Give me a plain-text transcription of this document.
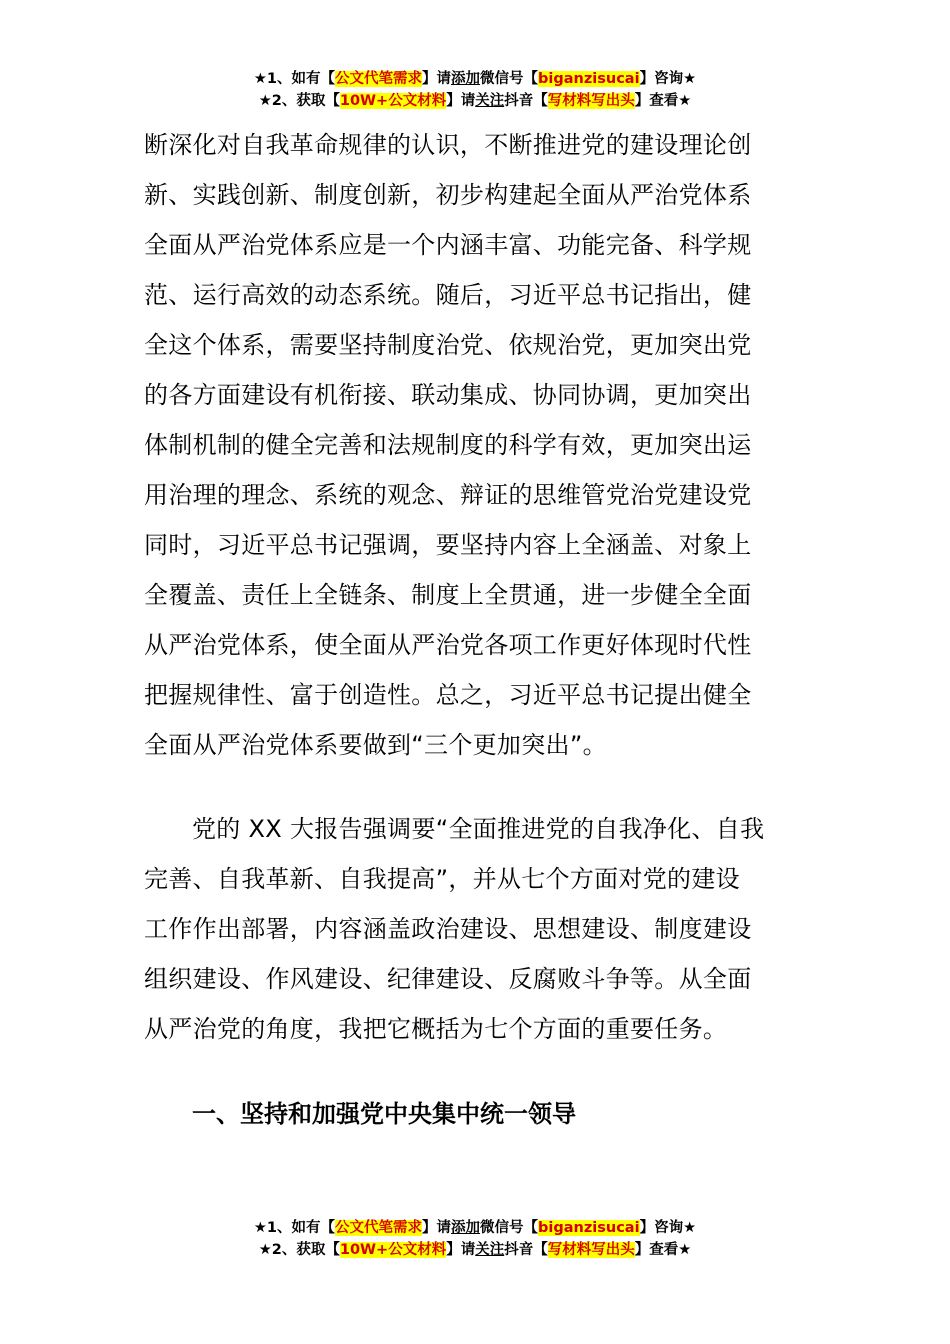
★1、如有【公文代笔需求】请添加微信号【biganzisucai】咨询★
★2、获取【10W+公文材料】请关注抖音【写材料写出头】查看★
断深化对自我革命规律的认识，不断推进党的建设理论创
新、实践创新、制度创新，初步构建起全面从严治党体系
全面从严治党体系应是一个内涵丰富、功能完备、科学规
范、运行高效的动态系统。随后，习近平总书记指出，健
全这个体系，需要坚持制度治党、依规治党，更加突出党
的各方面建设有机衔接、联动集成、协同协调，更加突出
体制机制的健全完善和法规制度的科学有效，更加突出运
用治理的理念、系统的观念、辩证的思维管党治党建设党
同时，习近平总书记强调，要坚持内容上全涵盖、对象上
全覆盖、责任上全链条、制度上全贯通，进一步健全全面
从严治党体系，使全面从严治党各项工作更好体现时代性
把握规律性、富于创造性。总之，习近平总书记提出健全
全面从严治党体系要做到“三个更加突出”。
党的 XX 大报告强调要“全面推进党的自我净化、自我
完善、自我革新、自我提高”，并从七个方面对党的建设
工作作出部署，内容涵盖政治建设、思想建设、制度建设
组织建设、作风建设、纪律建设、反腐败斗争等。从全面
从严治党的角度，我把它概括为七个方面的重要任务。
一、坚持和加强党中央集中统一领导
★1、如有【公文代笔需求】请添加微信号【biganzisucai】咨询★
★2、获取【10W+公文材料】请关注抖音【写材料写出头】查看★
